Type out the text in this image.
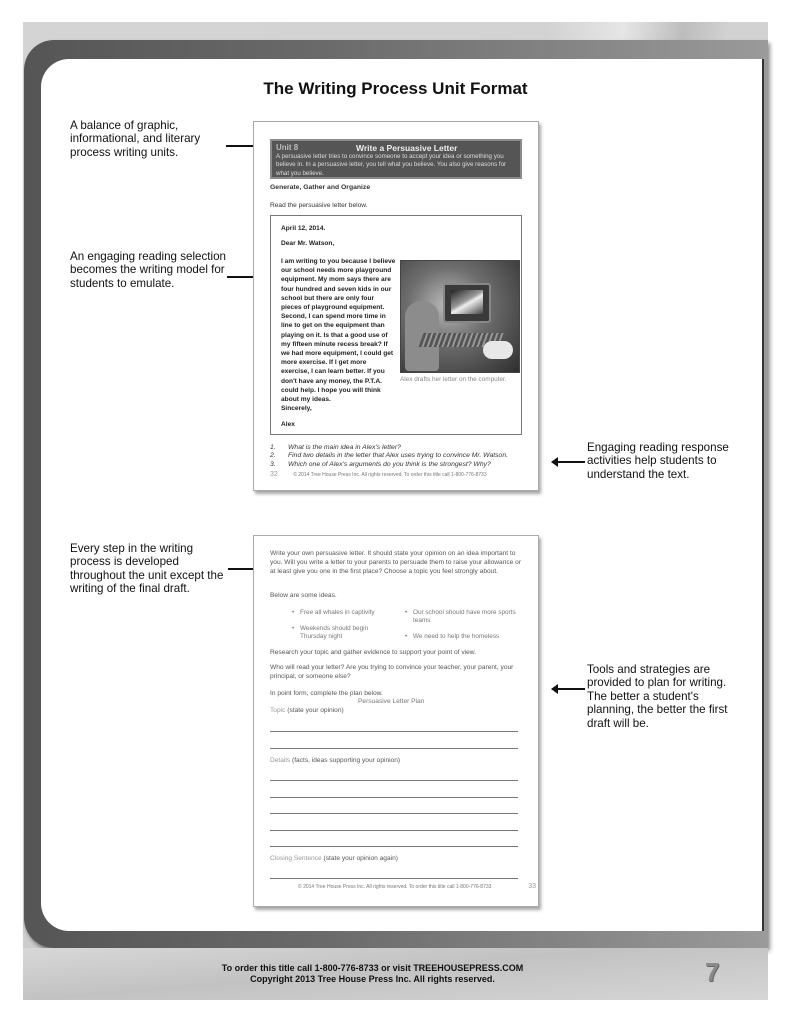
The Writing Process Unit Format
A balance of graphic, informational, and literary process writing units.
An engaging reading selection becomes the writing model for students to emulate.
Every step in the writing process is developed throughout the unit except the writing of the final draft.
Engaging reading response activities help students to understand the text.
Tools and strategies are provided to plan for writing. The better a student's planning, the better the first draft will be.
Unit 8	Write a Persuasive Letter
A persuasive letter tries to convince someone to accept your idea or something you believe in. In a persuasive letter, you tell what you believe. You also give reasons for what you believe.
Generate, Gather and Organize
Read the persuasive letter below.
April 12, 2014.
Dear Mr. Watson,
I am writing to you because I believe our school needs more playground equipment. My mom says there are four hundred and seven kids in our school but there are only four pieces of playground equipment. Second, I can spend more time in line to get on the equipment than playing on it. Is that a good use of my fifteen minute recess break? If we had more equipment, I could get more exercise. If I get more exercise, I can learn better. If you don't have any money, the P.T.A. could help. I hope you will think about my ideas.
Alex drafts her letter on the computer.
Sincerely,
Alex
1.	What is the main idea in Alex's letter?
2.	Find two details in the letter that Alex uses trying to convince Mr. Watson.
3.	Which one of Alex's arguments do you think is the strongest? Why?
32	© 2014 Tree House Press Inc. All rights reserved. To order this title call 1-800-776-8733
Write your own persuasive letter. It should state your opinion on an idea important to you. Will you write a letter to your parents to persuade them to raise your allowance or at least give you one in the first place? Choose a topic you feel strongly about.
Below are some ideas.
• Free all whales in captivity	• Our school should have more sports teams
• Weekends should begin Thursday night	• We need to help the homeless
Research your topic and gather evidence to support your point of view.
Who will read your letter? Are you trying to convince your teacher, your parent, your principal, or someone else?
In point form, complete the plan below.
Persuasive Letter Plan
Topic (state your opinion)
Details (facts, ideas supporting your opinion)
Closing Sentence (state your opinion again)
© 2014 Tree House Press Inc. All rights reserved. To order this title call 1-800-776-8733	33
To order this title call 1-800-776-8733 or visit TREEHOUSEPRESS.COM
Copyright 2013 Tree House Press Inc. All rights reserved.	7
